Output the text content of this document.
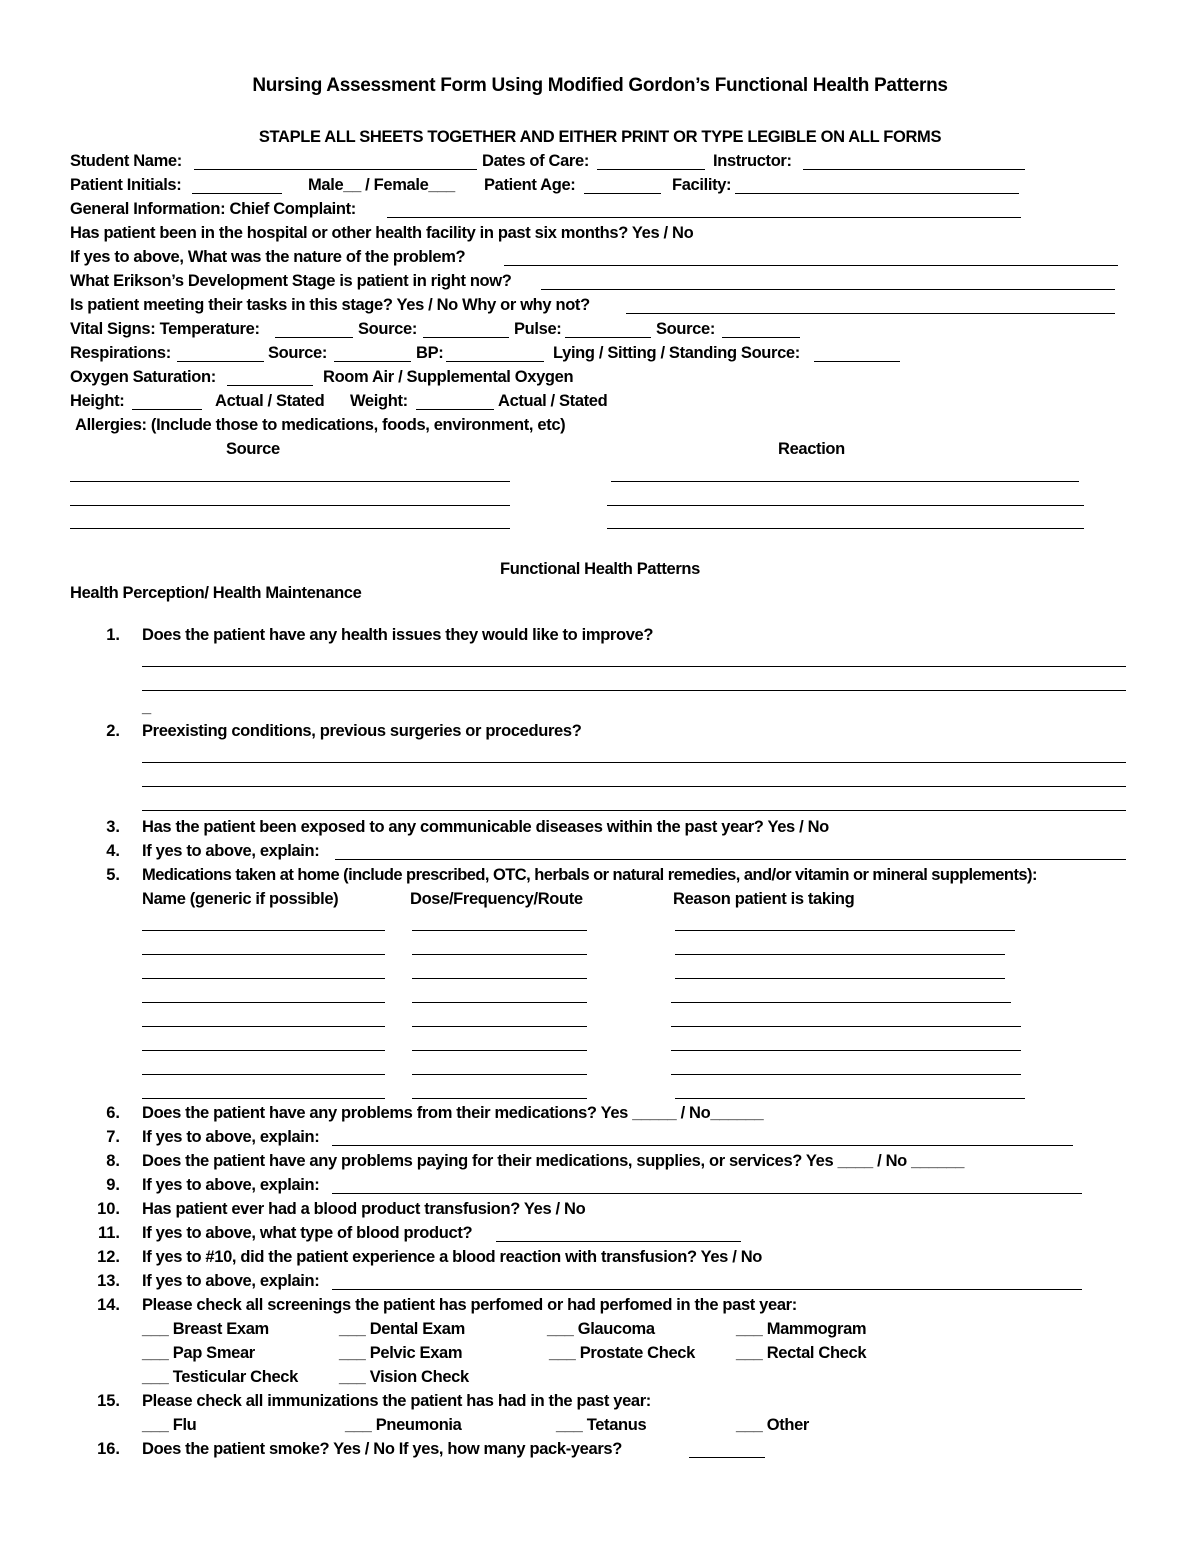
Nursing Assessment Form Using Modified Gordon’s Functional Health Patterns
STAPLE ALL SHEETS TOGETHER AND EITHER PRINT OR TYPE LEGIBLE ON ALL FORMS
Student Name:	Dates of Care:	Instructor:
Patient Initials:	Male__ / Female___ Patient Age:	Facility:
General Information: Chief Complaint:
Has patient been in the hospital or other health facility in past six months? Yes / No
If yes to above, What was the nature of the problem?
What Erikson’s Development Stage is patient in right now?
Is patient meeting their tasks in this stage? Yes / No Why or why not?
Vital Signs: Temperature:	Source:	Pulse:	Source:
Respirations:	Source:	BP:	Lying / Sitting / Standing Source:
Oxygen Saturation:	Room Air / Supplemental Oxygen
Height:	Actual / Stated Weight:	Actual / Stated
Allergies: (Include those to medications, foods, environment, etc)
Source	Reaction
Functional Health Patterns
Health Perception/ Health Maintenance
1. Does the patient have any health issues they would like to improve?
_
2. Preexisting conditions, previous surgeries or procedures?
3. Has the patient been exposed to any communicable diseases within the past year? Yes / No
4. If yes to above, explain:
5. Medications taken at home (include prescribed, OTC, herbals or natural remedies, and/or vitamin or mineral supplements):
Name (generic if possible)	Dose/Frequency/Route	Reason patient is taking
6. Does the patient have any problems from their medications? Yes _____ / No______
7. If yes to above, explain:
8. Does the patient have any problems paying for their medications, supplies, or services? Yes ____ / No ______
9. If yes to above, explain:
10. Has patient ever had a blood product transfusion? Yes / No
11. If yes to above, what type of blood product?
12. If yes to #10, did the patient experience a blood reaction with transfusion? Yes / No
13. If yes to above, explain:
14. Please check all screenings the patient has perfomed or had perfomed in the past year:
___ Breast Exam	___ Dental Exam	___ Glaucoma	___ Mammogram
___ Pap Smear	___ Pelvic Exam	___ Prostate Check ___ Rectal Check
___ Testicular Check ___ Vision Check
15. Please check all immunizations the patient has had in the past year:
___ Flu	___ Pneumonia	___ Tetanus	___ Other
16. Does the patient smoke? Yes / No If yes, how many pack-years?
